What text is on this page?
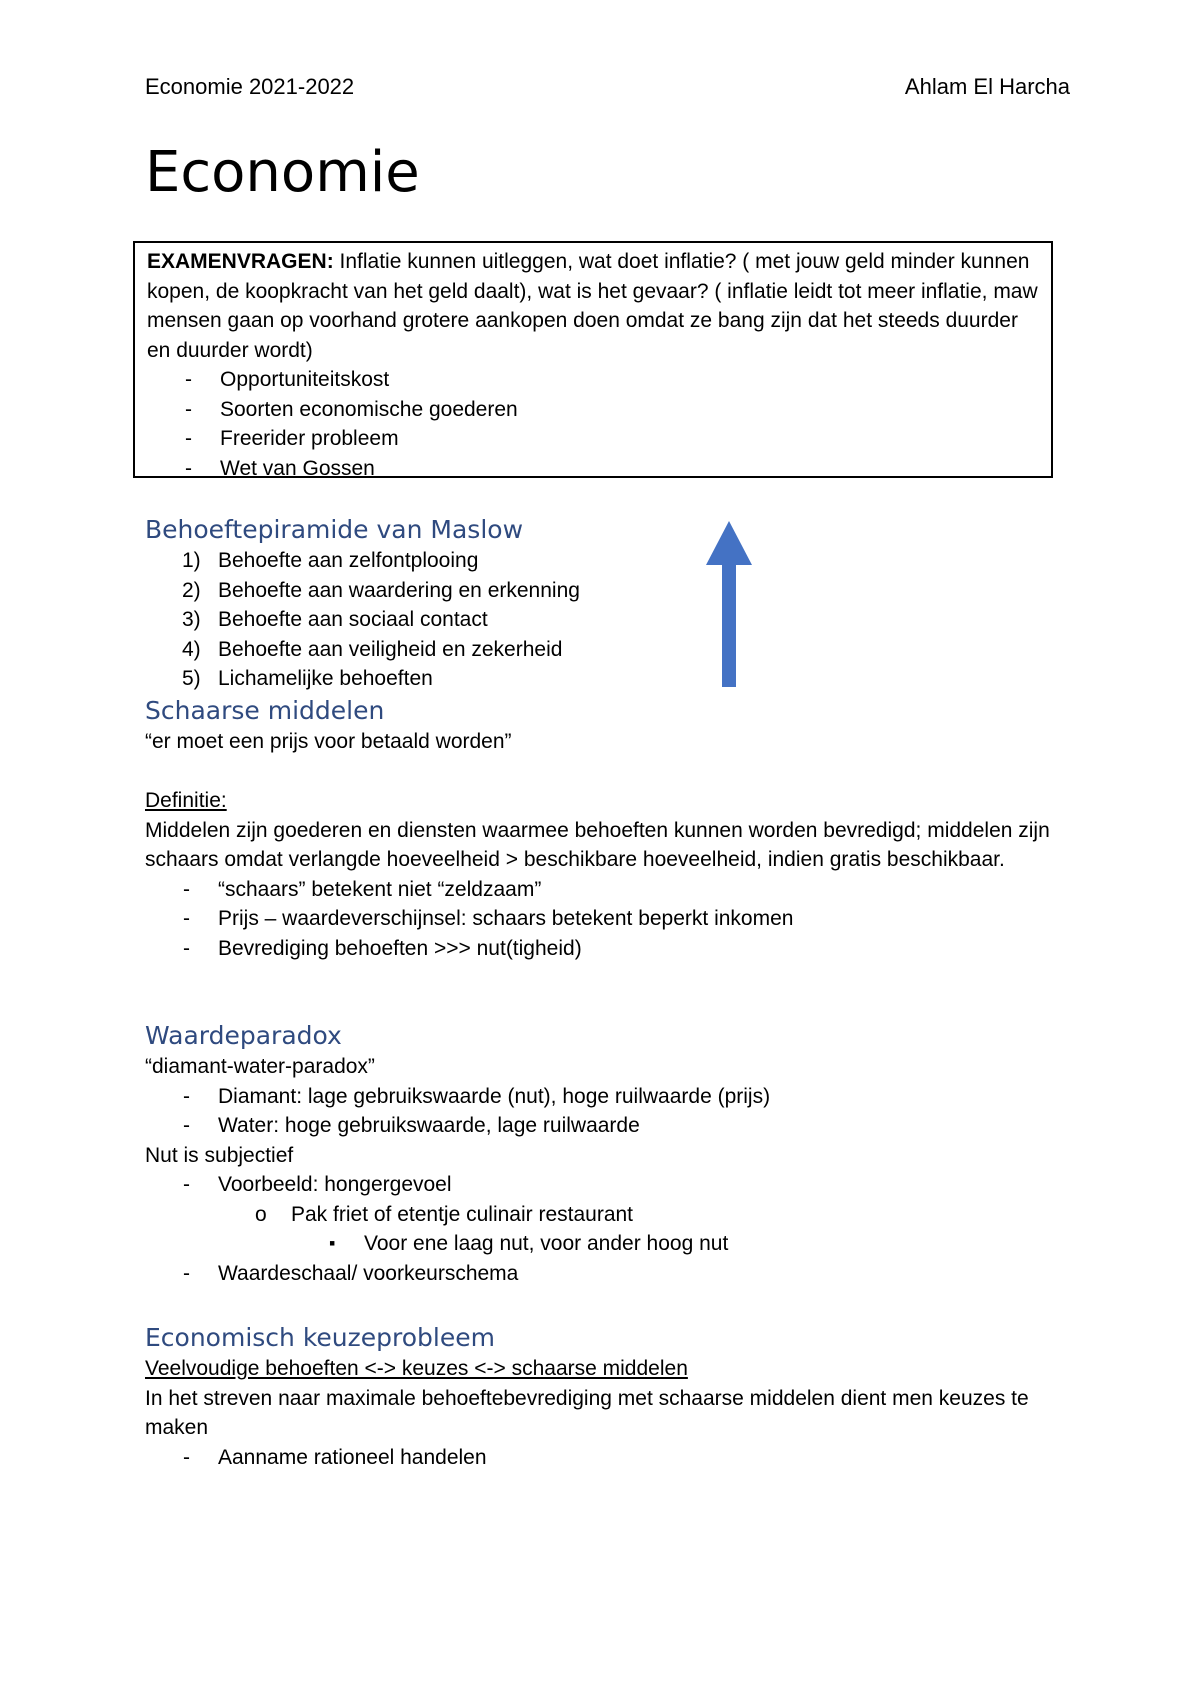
Economie 2021-2022	Ahlam El Harcha
Economie
EXAMENVRAGEN: Inflatie kunnen uitleggen, wat doet inflatie? ( met jouw geld minder kunnen kopen, de koopkracht van het geld daalt), wat is het gevaar? ( inflatie leidt tot meer inflatie, maw mensen gaan op voorhand grotere aankopen doen omdat ze bang zijn dat het steeds duurder en duurder wordt)
- Opportuniteitskost
- Soorten economische goederen
- Freerider probleem
- Wet van Gossen
Behoeftepiramide van Maslow
1) Behoefte aan zelfontplooing
2) Behoefte aan waardering en erkenning
3) Behoefte aan sociaal contact
4) Behoefte aan veiligheid en zekerheid
5) Lichamelijke behoeften
Schaarse middelen
“er moet een prijs voor betaald worden”
Definitie:
Middelen zijn goederen en diensten waarmee behoeften kunnen worden bevredigd; middelen zijn schaars omdat verlangde hoeveelheid > beschikbare hoeveelheid, indien gratis beschikbaar.
- “schaars” betekent niet “zeldzaam”
- Prijs – waardeverschijnsel: schaars betekent beperkt inkomen
- Bevrediging behoeften >>> nut(tigheid)
Waardeparadox
“diamant-water-paradox”
- Diamant: lage gebruikswaarde (nut), hoge ruilwaarde (prijs)
- Water: hoge gebruikswaarde, lage ruilwaarde
Nut is subjectief
- Voorbeeld: hongergevoel
o Pak friet of etentje culinair restaurant
▪ Voor ene laag nut, voor ander hoog nut
- Waardeschaal/ voorkeurschema
Economisch keuzeprobleem
Veelvoudige behoeften <-> keuzes <-> schaarse middelen
In het streven naar maximale behoeftebevrediging met schaarse middelen dient men keuzes te maken
- Aanname rationeel handelen
